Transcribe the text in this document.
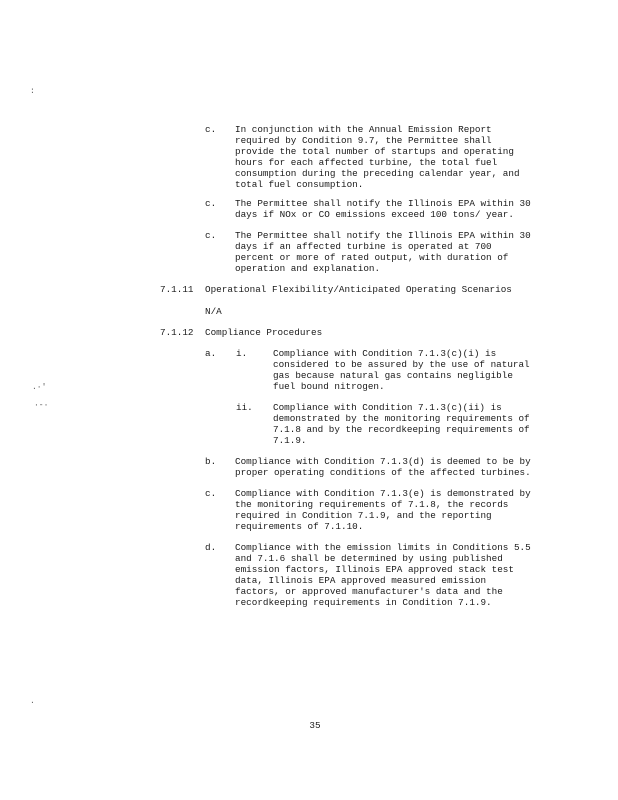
:
.·'
·-·
.
c. In conjunction with the Annual Emission Report

required by Condition 9.7, the Permittee shall

provide the total number of startups and operating

hours for each affected turbine, the total fuel

consumption during the preceding calendar year, and

total fuel consumption.

c. The Permittee shall notify the Illinois EPA within 30

days if NOx or CO emissions exceed 100 tons/ year.

c. The Permittee shall notify the Illinois EPA within 30

days if an affected turbine is operated at 700

percent or more of rated output, with duration of

operation and explanation.

7.1.11 Operational Flexibility/Anticipated Operating Scenarios

N/A

7.1.12 Compliance Procedures

a. i.	Compliance with Condition 7.1.3(c)(i) is

considered to be assured by the use of natural

gas because natural gas contains negligible

fuel bound nitrogen.

ii. Compliance with Condition 7.1.3(c)(ii) is

demonstrated by the monitoring requirements of

7.1.8 and by the recordkeeping requirements of

7.1.9.

b. Compliance with Condition 7.1.3(d) is deemed to be by

proper operating conditions of the affected turbines.

c. Compliance with Condition 7.1.3(e) is demonstrated by

the monitoring requirements of 7.1.8, the records

required in Condition 7.1.9, and the reporting

requirements of 7.1.10.

d. Compliance with the emission limits in Conditions 5.5

and 7.1.6 shall be determined by using published

emission factors, Illinois EPA approved stack test

data, Illinois EPA approved measured emission

factors, or approved manufacturer's data and the

recordkeeping requirements in Condition 7.1.9.

35
